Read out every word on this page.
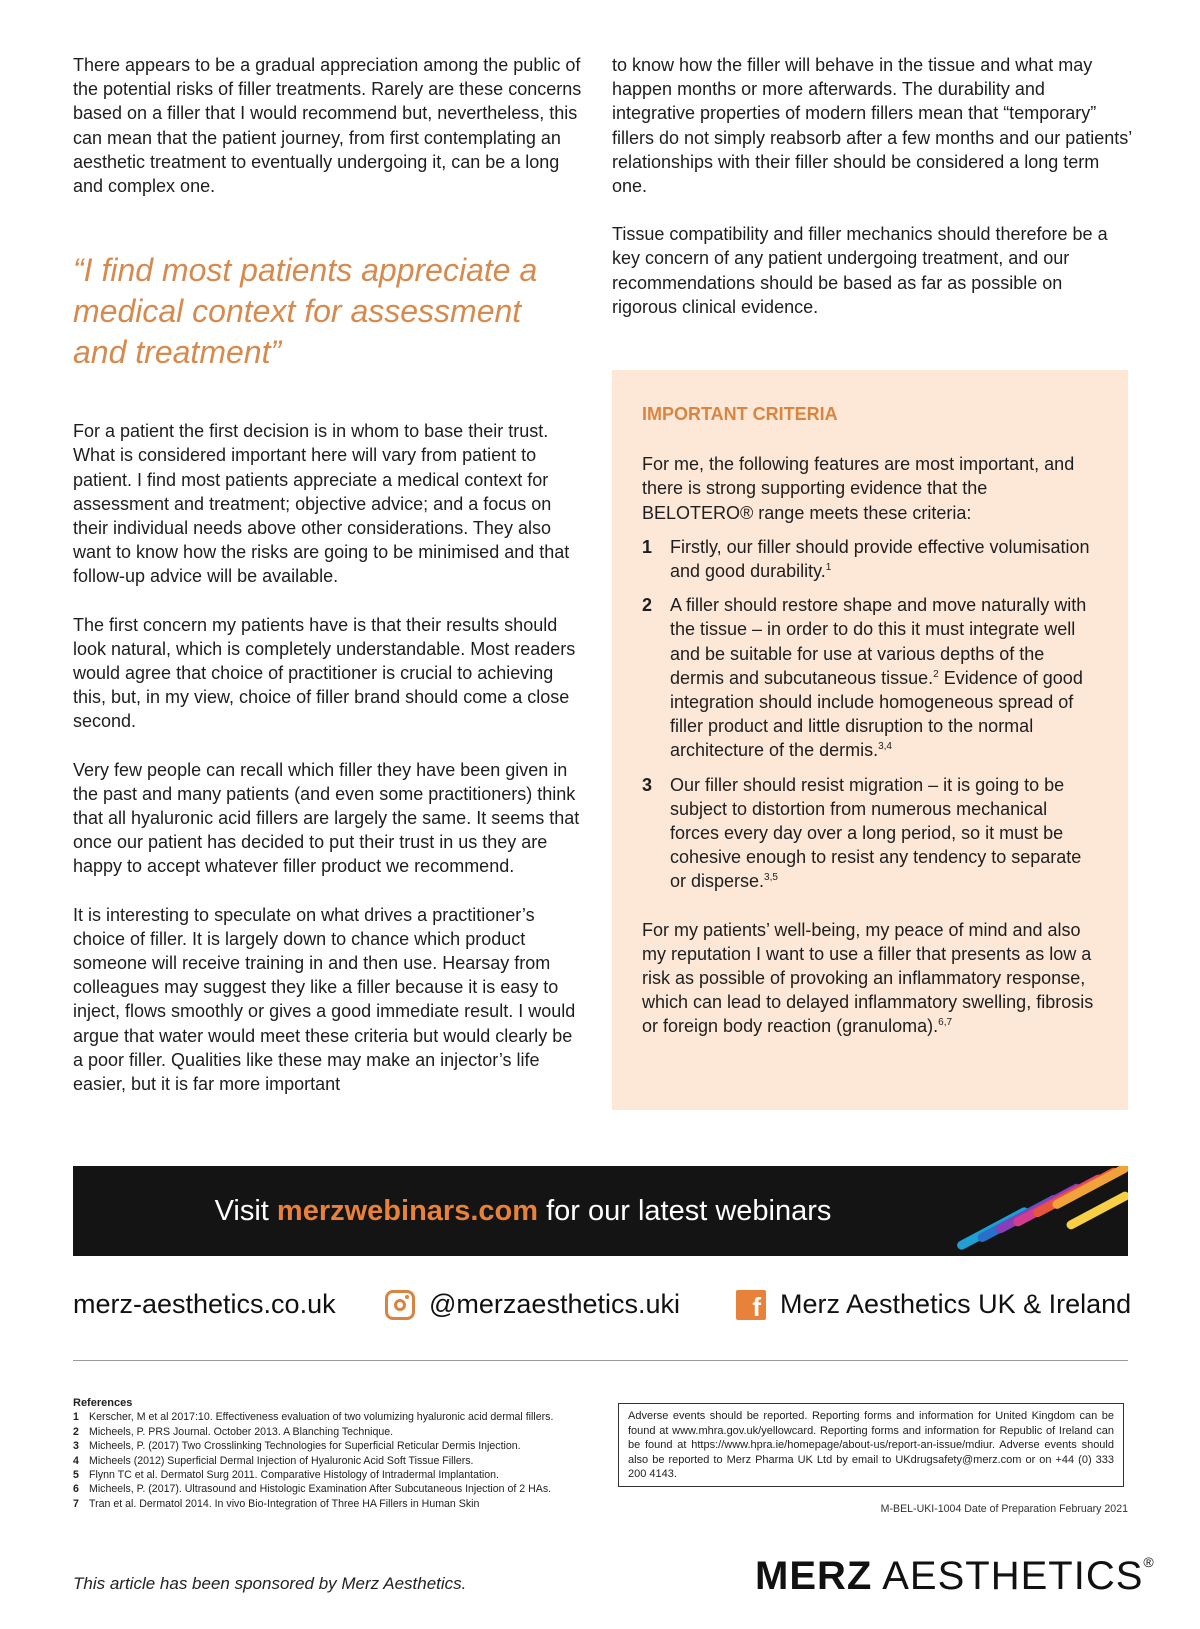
There appears to be a gradual appreciation among the public of the potential risks of filler treatments. Rarely are these concerns based on a filler that I would recommend but, nevertheless, this can mean that the patient journey, from first contemplating an aesthetic treatment to eventually undergoing it, can be a long and complex one.

“I find most patients appreciate a medical context for assessment and treatment”

For a patient the first decision is in whom to base their trust. What is considered important here will vary from patient to patient. I find most patients appreciate a medical context for assessment and treatment; objective advice; and a focus on their individual needs above other considerations. They also want to know how the risks are going to be minimised and that follow-up advice will be available.

The first concern my patients have is that their results should look natural, which is completely understandable. Most readers would agree that choice of practitioner is crucial to achieving this, but, in my view, choice of filler brand should come a close second.

Very few people can recall which filler they have been given in the past and many patients (and even some practitioners) think that all hyaluronic acid fillers are largely the same. It seems that once our patient has decided to put their trust in us they are happy to accept whatever filler product we recommend.

It is interesting to speculate on what drives a practitioner’s choice of filler. It is largely down to chance which product someone will receive training in and then use. Hearsay from colleagues may suggest they like a filler because it is easy to inject, flows smoothly or gives a good immediate result. I would argue that water would meet these criteria but would clearly be a poor filler. Qualities like these may make an injector’s life easier, but it is far more important

to know how the filler will behave in the tissue and what may happen months or more afterwards. The durability and integrative properties of modern fillers mean that “temporary” fillers do not simply reabsorb after a few months and our patients’ relationships with their filler should be considered a long term one.

Tissue compatibility and filler mechanics should therefore be a key concern of any patient undergoing treatment, and our recommendations should be based as far as possible on rigorous clinical evidence.

IMPORTANT CRITERIA

For me, the following features are most important, and there is strong supporting evidence that the BELOTERO® range meets these criteria:

1 Firstly, our filler should provide effective volumisation and good durability.$^1$
2 A filler should restore shape and move naturally with the tissue – in order to do this it must integrate well and be suitable for use at various depths of the dermis and subcutaneous tissue.$^2$ Evidence of good integration should include homogeneous spread of filler product and little disruption to the normal architecture of the dermis.$^{3,4}$
3 Our filler should resist migration – it is going to be subject to distortion from numerous mechanical forces every day over a long period, so it must be cohesive enough to resist any tendency to separate or disperse.$^{3,5}$

For my patients’ well-being, my peace of mind and also my reputation I want to use a filler that presents as low a risk as possible of provoking an inflammatory response, which can lead to delayed inflammatory swelling, fibrosis or foreign body reaction (granuloma).$^{6,7}$

Visit merzwebinars.com for our latest webinars
merz-aesthetics.co.uk	@merzaesthetics.uki	f Merz Aesthetics UK & Ireland
References
1 Kerscher, M et al 2017:10. Effectiveness evaluation of two volumizing hyaluronic acid dermal fillers.
2 Micheels, P. PRS Journal. October 2013. A Blanching Technique.
3 Micheels, P. (2017) Two Crosslinking Technologies for Superficial Reticular Dermis Injection.
4 Micheels (2012) Superficial Dermal Injection of Hyaluronic Acid Soft Tissue Fillers.
5 Flynn TC et al. Dermatol Surg 2011. Comparative Histology of Intradermal Implantation.
6 Micheels, P. (2017). Ultrasound and Histologic Examination After Subcutaneous Injection of 2 HAs.
7 Tran et al. Dermatol 2014. In vivo Bio-Integration of Three HA Fillers in Human Skin
Adverse events should be reported. Reporting forms and information for United Kingdom can be found at www.mhra.gov.uk/yellowcard. Reporting forms and information for Republic of Ireland can be found at https://www.hpra.ie/homepage/about-us/report-an-issue/mdiur. Adverse events should also be reported to Merz Pharma UK Ltd by email to UKdrugsafety@merz.com or on +44 (0) 333 200 4143.
M-BEL-UKI-1004 Date of Preparation February 2021
This article has been sponsored by Merz Aesthetics.	MERZ AESTHETICS®
